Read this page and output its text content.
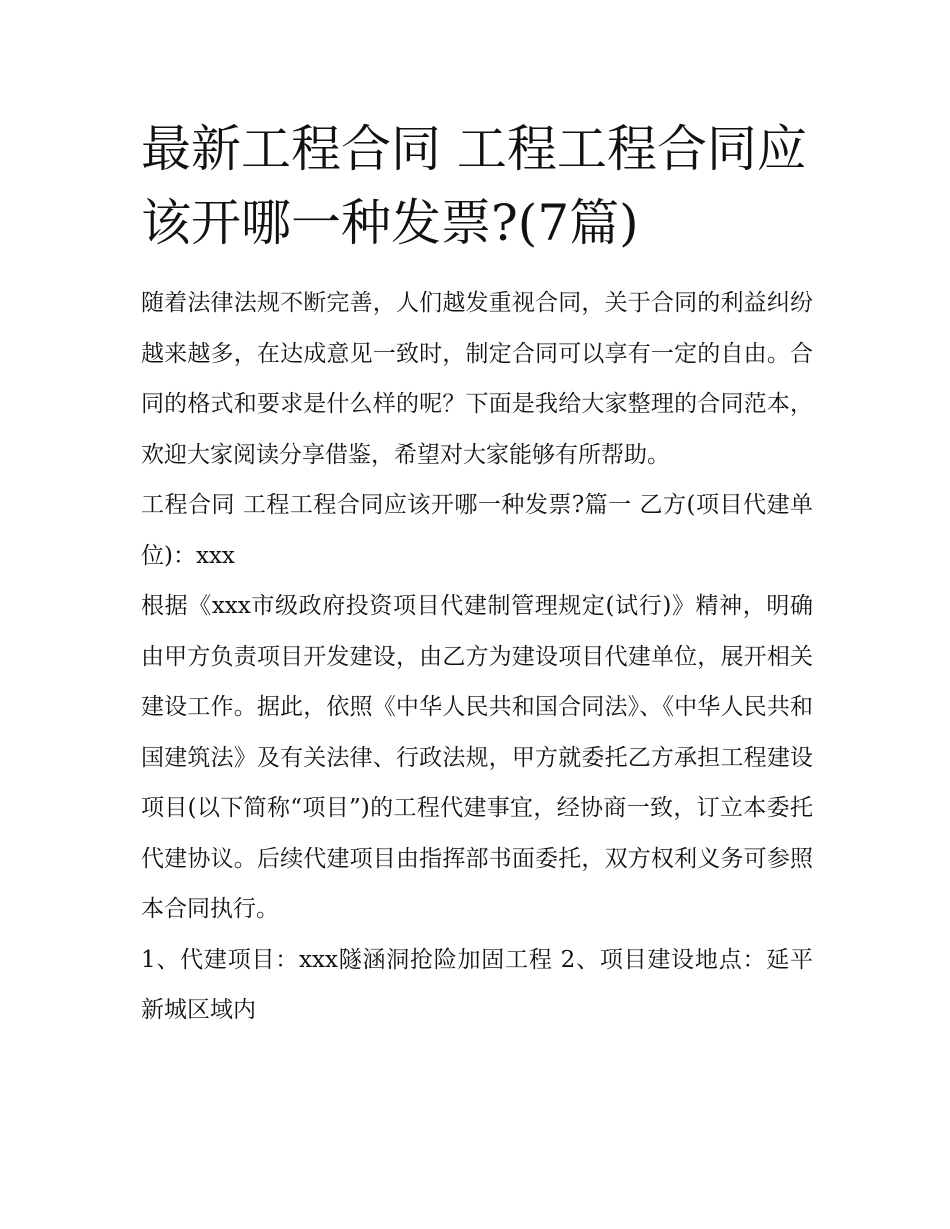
最新工程合同 工程工程合同应该开哪一种发票?(7篇)

随着法律法规不断完善，人们越发重视合同，关于合同的利益纠纷越来越多，在达成意见一致时，制定合同可以享有一定的自由。合同的格式和要求是什么样的呢？下面是我给大家整理的合同范本，欢迎大家阅读分享借鉴，希望对大家能够有所帮助。

工程合同 工程工程合同应该开哪一种发票?篇一 乙方(项目代建单位)：xxx

根据《xxx市级政府投资项目代建制管理规定(试行)》精神，明确由甲方负责项目开发建设，由乙方为建设项目代建单位，展开相关建设工作。据此，依照《中华人民共和国合同法》、《中华人民共和国建筑法》及有关法律、行政法规，甲方就委托乙方承担工程建设项目(以下简称“项目”)的工程代建事宜，经协商一致，订立本委托代建协议。后续代建项目由指挥部书面委托，双方权利义务可参照本合同执行。

1、代建项目：xxx隧涵洞抢险加固工程 2、项目建设地点：延平新城区域内
